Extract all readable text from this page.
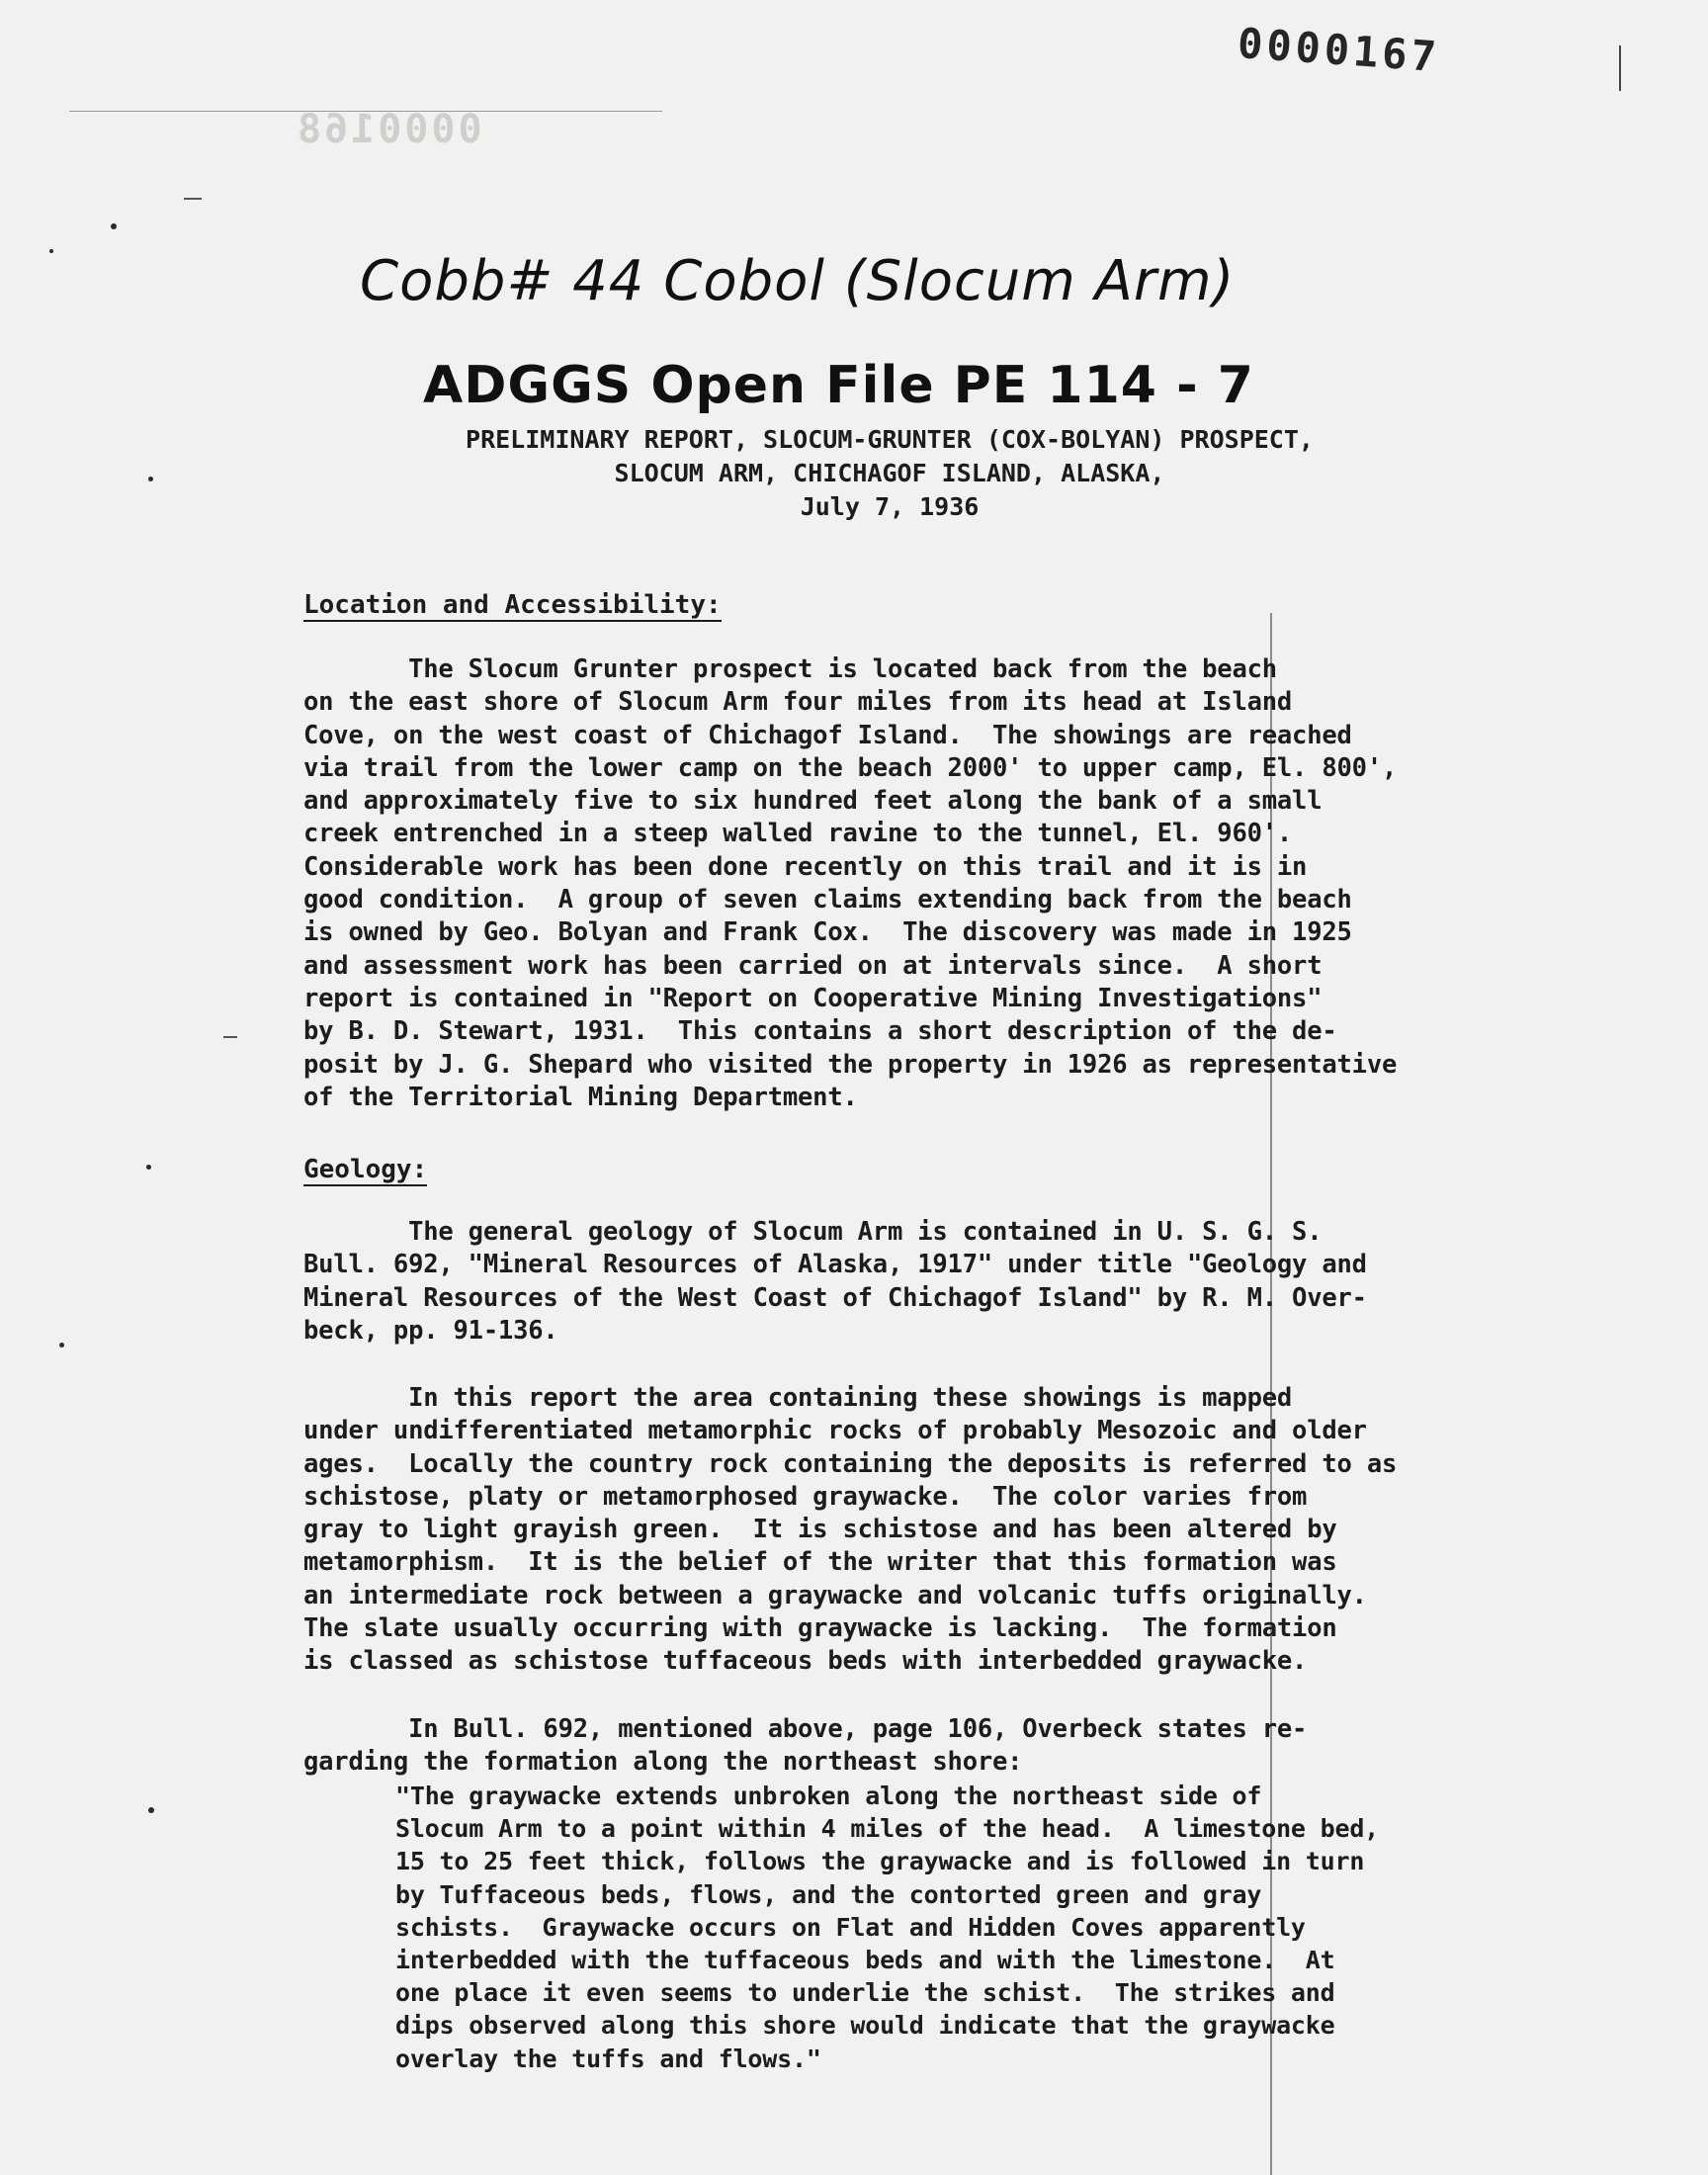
0000168
0000167
Cobb# 44 Cobol (Slocum Arm)
ADGGS Open File PE 114 - 7
PRELIMINARY REPORT, SLOCUM-GRUNTER (COX-BOLYAN) PROSPECT,
SLOCUM ARM, CHICHAGOF ISLAND, ALASKA,
July 7, 1936
Location and Accessibility:
The Slocum Grunter prospect is located back from the beach
on the east shore of Slocum Arm four miles from its head at Island
Cove, on the west coast of Chichagof Island.  The showings are reached
via trail from the lower camp on the beach 2000' to upper camp, El. 800',
and approximately five to six hundred feet along the bank of a small
creek entrenched in a steep walled ravine to the tunnel, El. 960'.
Considerable work has been done recently on this trail and it is in
good condition.  A group of seven claims extending back from the beach
is owned by Geo. Bolyan and Frank Cox.  The discovery was made in 1925
and assessment work has been carried on at intervals since.  A short
report is contained in "Report on Cooperative Mining Investigations"
by B. D. Stewart, 1931.  This contains a short description of the de-
posit by J. G. Shepard who visited the property in 1926 as representative
of the Territorial Mining Department.
Geology:
The general geology of Slocum Arm is contained in U. S. G. S.
Bull. 692, "Mineral Resources of Alaska, 1917" under title "Geology and
Mineral Resources of the West Coast of Chichagof Island" by R. M. Over-
beck, pp. 91-136.
In this report the area containing these showings is mapped
under undifferentiated metamorphic rocks of probably Mesozoic and older
ages.  Locally the country rock containing the deposits is referred to as
schistose, platy or metamorphosed graywacke.  The color varies from
gray to light grayish green.  It is schistose and has been altered by
metamorphism.  It is the belief of the writer that this formation was
an intermediate rock between a graywacke and volcanic tuffs originally.
The slate usually occurring with graywacke is lacking.  The formation
is classed as schistose tuffaceous beds with interbedded graywacke.
In Bull. 692, mentioned above, page 106, Overbeck states re-
garding the formation along the northeast shore:
"The graywacke extends unbroken along the northeast side of
Slocum Arm to a point within 4 miles of the head.  A limestone bed,
15 to 25 feet thick, follows the graywacke and is followed in turn
by Tuffaceous beds, flows, and the contorted green and gray
schists.  Graywacke occurs on Flat and Hidden Coves apparently
interbedded with the tuffaceous beds and with the limestone.  At
one place it even seems to underlie the schist.  The strikes and
dips observed along this shore would indicate that the graywacke
overlay the tuffs and flows."
